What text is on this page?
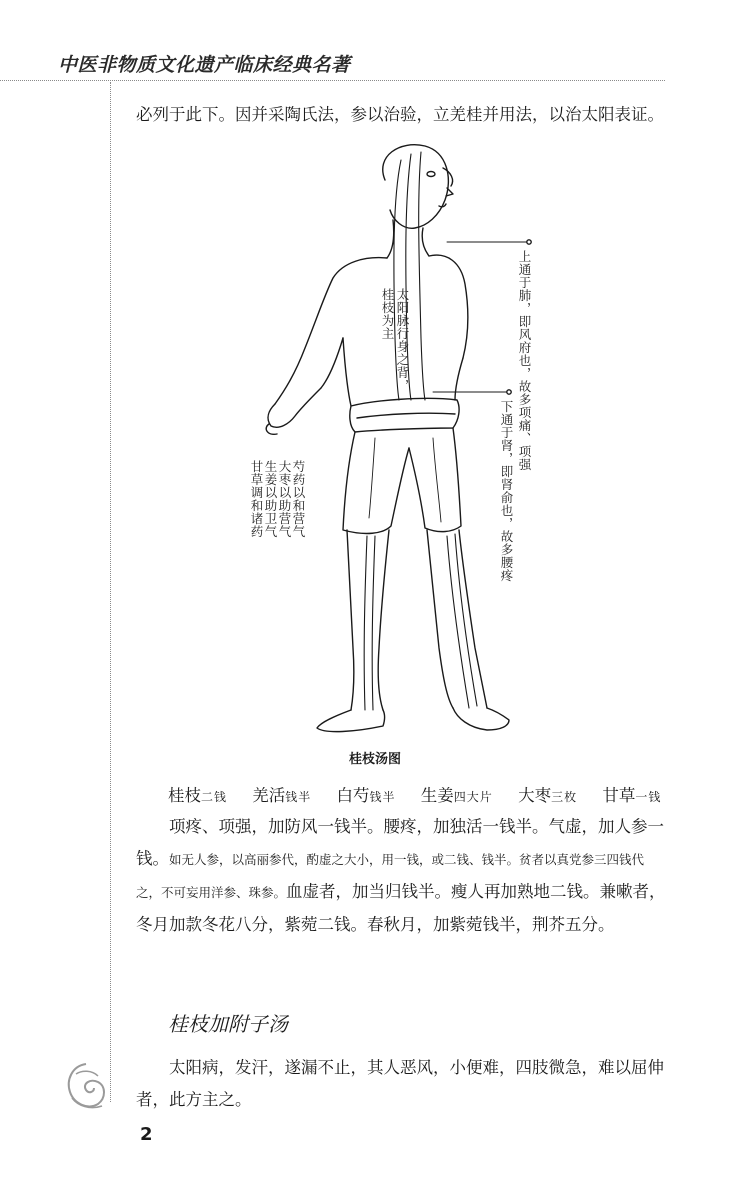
中医非物质文化遗产临床经典名著

必列于此下。因并采陶氏法，参以治验，立羌桂并用法，以治太阳表证。

太阳脉行身之背，
桂枝为主	上通于肺，即风府也，故多项痛、项强
下通于肾，即肾俞也，故多腰疼
芍药以和营气
大枣以助营气
生姜以助卫气
甘草调和诸药
桂枝汤图
桂枝二钱 羌活钱半 白芍钱半 生姜四大片 大枣三枚 甘草一钱

项疼、项强，加防风一钱半。腰疼，加独活一钱半。气虚，加人参一钱。如无人参，以高丽参代，酌虚之大小，用一钱，或二钱、钱半。贫者以真党参三四钱代之，不可妄用洋参、珠参。血虚者，加当归钱半。瘦人再加熟地二钱。兼嗽者，冬月加款冬花八分，紫菀二钱。春秋月，加紫菀钱半，荆芥五分。

桂枝加附子汤

太阳病，发汗，遂漏不止，其人恶风，小便难，四肢微急，难以屈伸者，此方主之。

2
